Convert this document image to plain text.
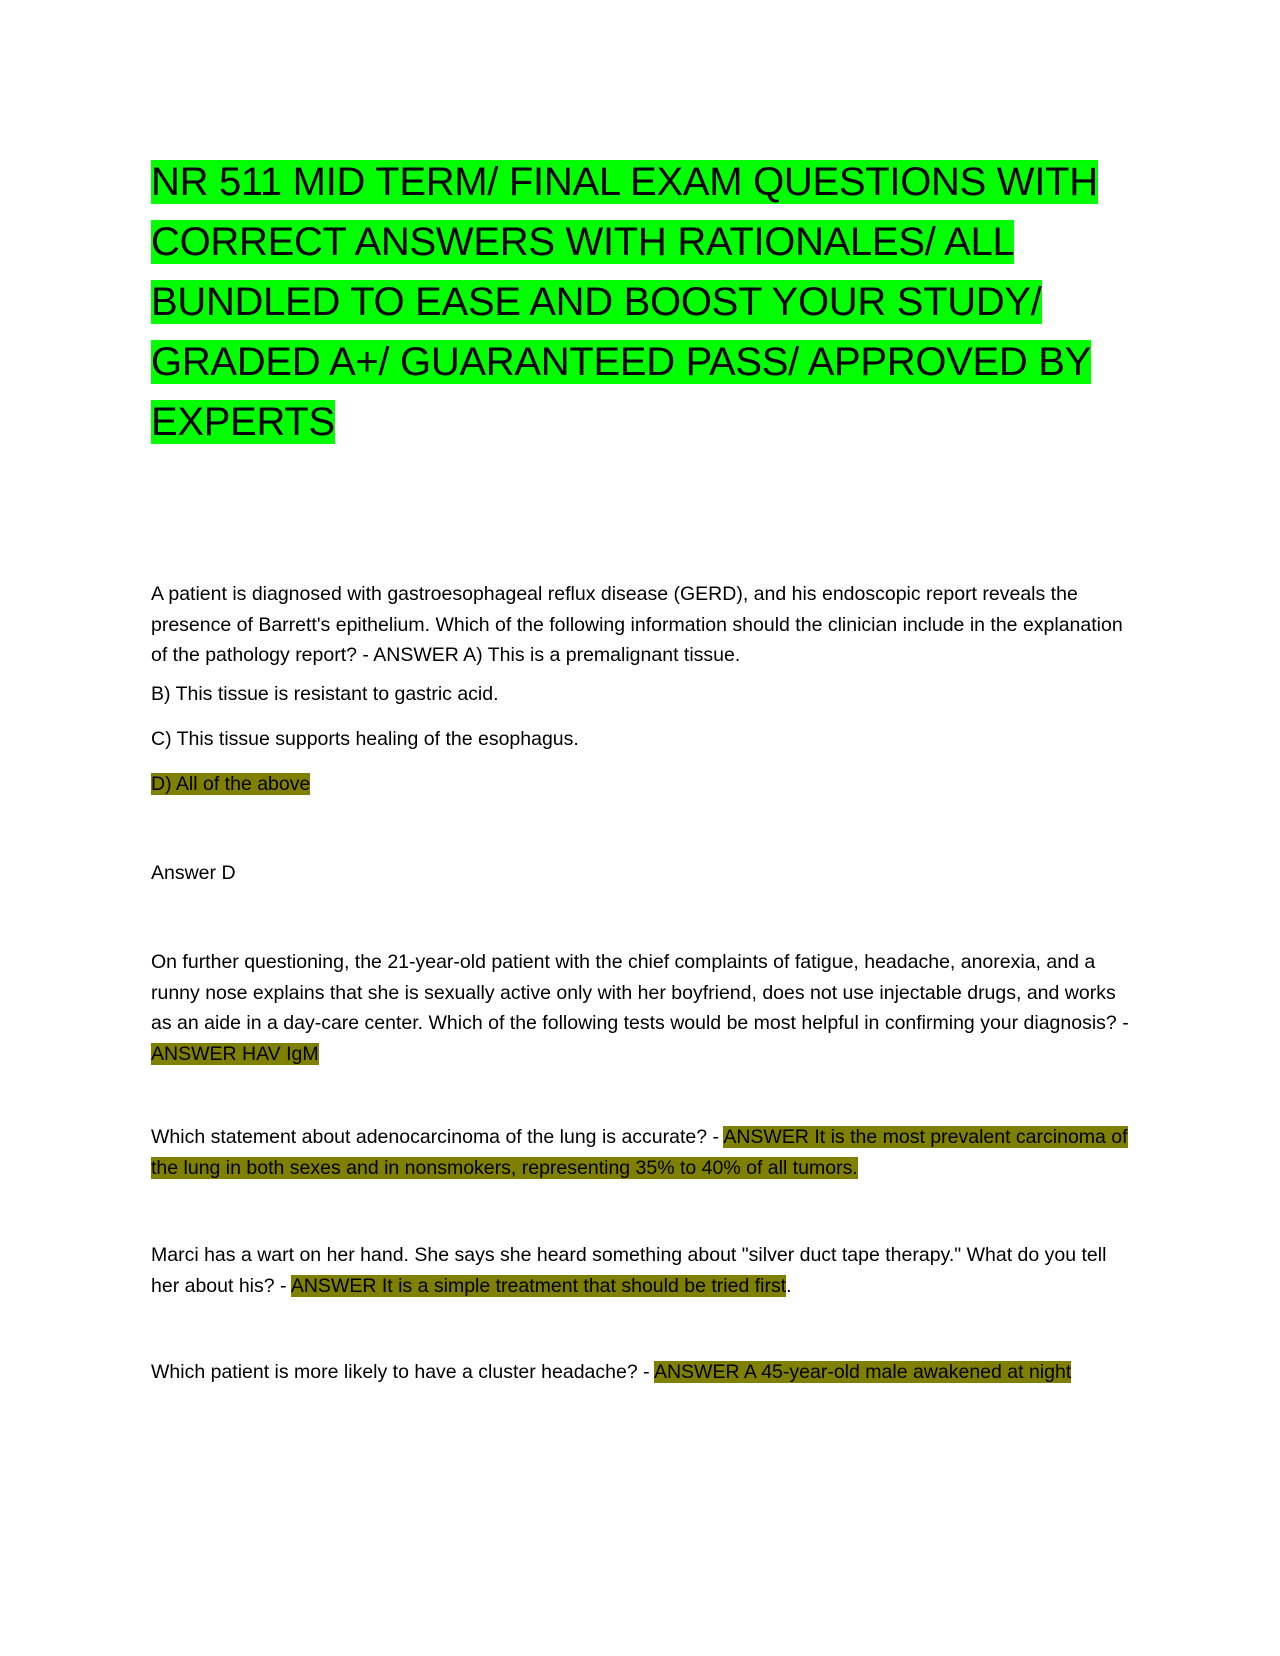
NR 511 MID TERM/ FINAL EXAM QUESTIONS WITH CORRECT ANSWERS WITH RATIONALES/ ALL BUNDLED TO EASE AND BOOST YOUR STUDY/ GRADED A+/ GUARANTEED PASS/ APPROVED BY EXPERTS

A patient is diagnosed with gastroesophageal reflux disease (GERD), and his endoscopic report reveals the presence of Barrett's epithelium. Which of the following information should the clinician include in the explanation of the pathology report? - ANSWER A) This is a premalignant tissue.

B) This tissue is resistant to gastric acid.

C) This tissue supports healing of the esophagus.

D) All of the above

Answer D

On further questioning, the 21-year-old patient with the chief complaints of fatigue, headache, anorexia, and a runny nose explains that she is sexually active only with her boyfriend, does not use injectable drugs, and works as an aide in a day-care center. Which of the following tests would be most helpful in confirming your diagnosis? - ANSWER HAV IgM

Which statement about adenocarcinoma of the lung is accurate? - ANSWER It is the most prevalent carcinoma of the lung in both sexes and in nonsmokers, representing 35% to 40% of all tumors.

Marci has a wart on her hand. She says she heard something about "silver duct tape therapy." What do you tell her about his? - ANSWER It is a simple treatment that should be tried first.

Which patient is more likely to have a cluster headache? - ANSWER A 45-year-old male awakened at night
